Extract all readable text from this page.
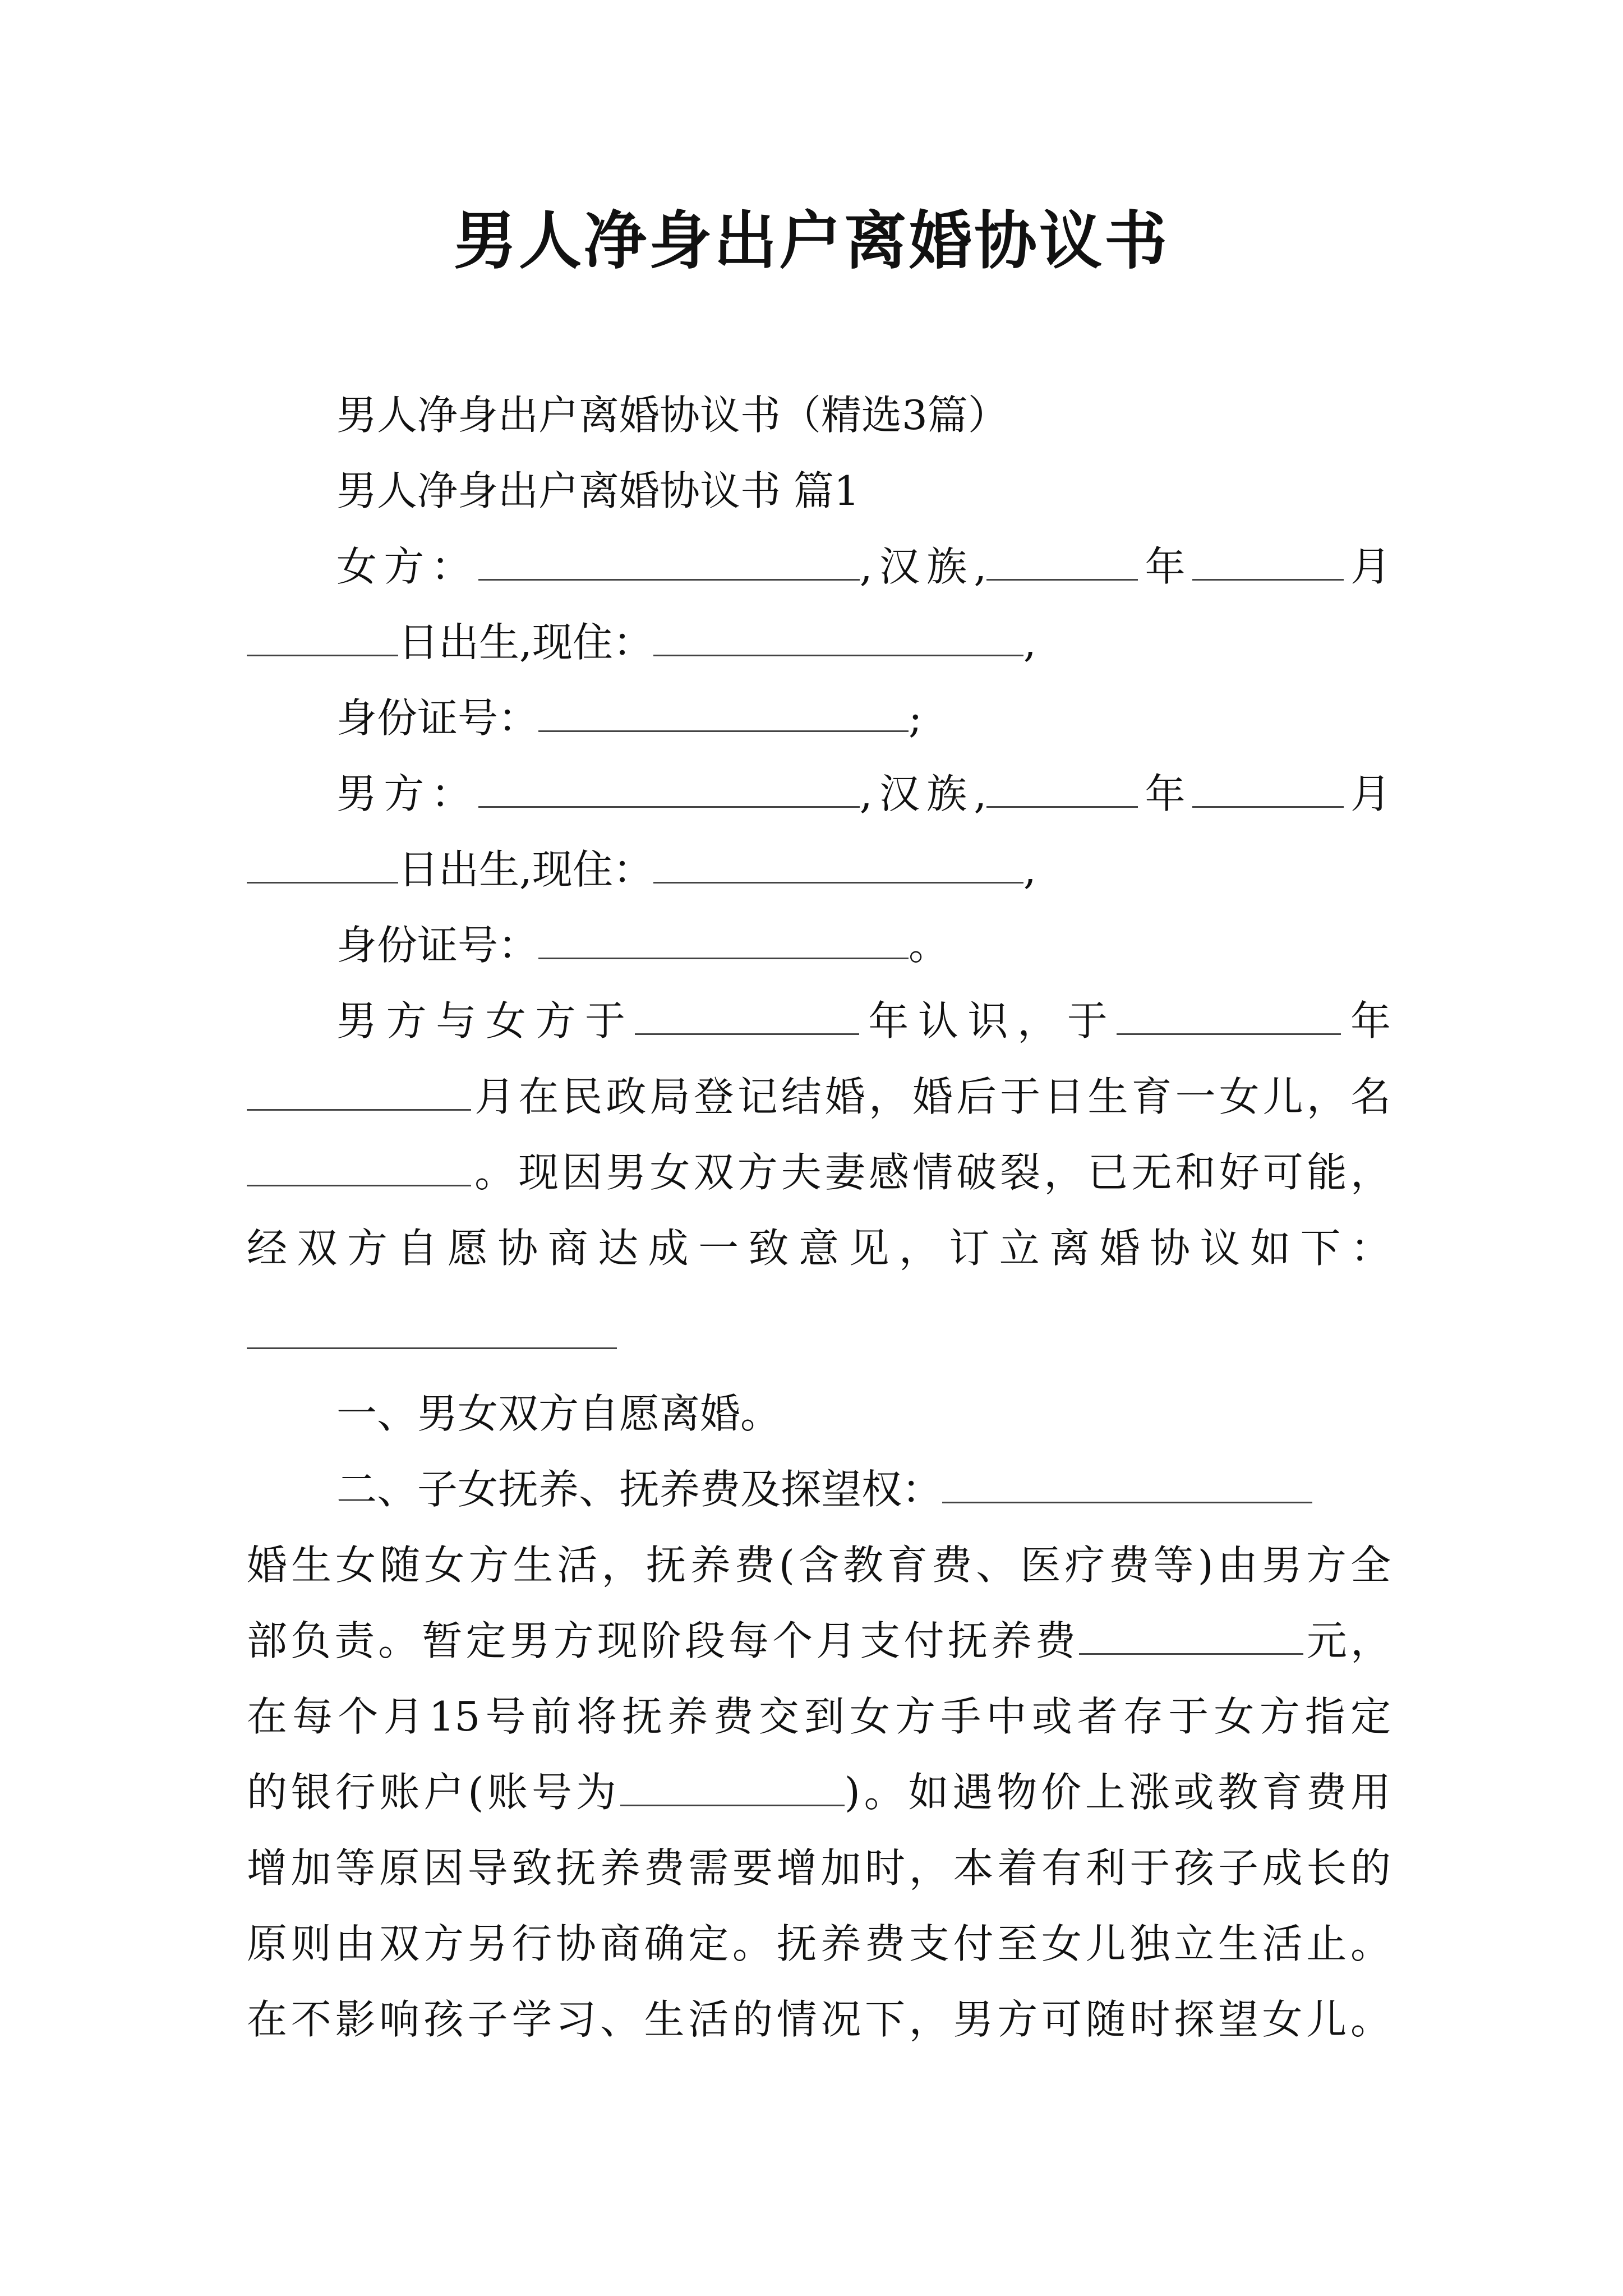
男人净身出户离婚协议书
男人净身出户离婚协议书（精选3篇）
男人净身出户离婚协议书 篇1
女方：	,汉族,	年	月
日出生,现住：	,
身份证号：	;
男方：	,汉族,	年	月
日出生,现住：	,
身份证号：	。
男方与女方于	年认识，于	年
月在民政局登记结婚，婚后于日生育一女儿，名
。现因男女双方夫妻感情破裂，已无和好可能，
经双方自愿协商达成一致意见，订立离婚协议如下：
一、男女双方自愿离婚。
二、子女抚养、抚养费及探望权：
婚生女随女方生活，抚养费(含教育费、医疗费等)由男方全
部负责。暂定男方现阶段每个月支付抚养费	元，
在每个月15号前将抚养费交到女方手中或者存于女方指定
的银行账户(账号为	)。如遇物价上涨或教育费用
增加等原因导致抚养费需要增加时，本着有利于孩子成长的
原则由双方另行协商确定。抚养费支付至女儿独立生活止。
在不影响孩子学习、生活的情况下，男方可随时探望女儿。
